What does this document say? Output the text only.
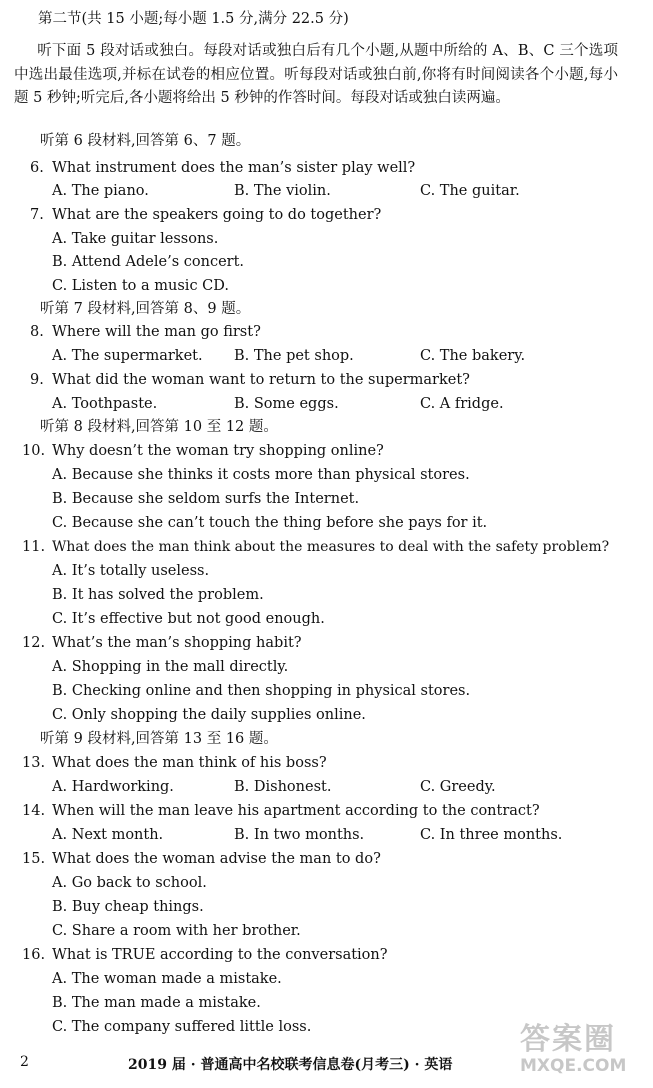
第二节(共 15 小题;每小题 1.5 分,满分 22.5 分)
听下面 5 段对话或独白。每段对话或独白后有几个小题,从题中所给的 A、B、C 三个选项中选出最佳选项,并标在试卷的相应位置。听每段对话或独白前,你将有时间阅读各个小题,每小题 5 秒钟;听完后,各小题将给出 5 秒钟的作答时间。每段对话或独白读两遍。
听第 6 段材料,回答第 6、7 题。
6. What instrument does the man’s sister play well?
A. The piano.	B. The violin.	C. The guitar.
7. What are the speakers going to do together?
A. Take guitar lessons.
B. Attend Adele’s concert.
C. Listen to a music CD.
听第 7 段材料,回答第 8、9 题。
8. Where will the man go first?
A. The supermarket. B. The pet shop.	C. The bakery.
9. What did the woman want to return to the supermarket?
A. Toothpaste.	B. Some eggs.	C. A fridge.
听第 8 段材料,回答第 10 至 12 题。
10. Why doesn’t the woman try shopping online?
A. Because she thinks it costs more than physical stores.
B. Because she seldom surfs the Internet.
C. Because she can’t touch the thing before she pays for it.
11. What does the man think about the measures to deal with the safety problem?
A. It’s totally useless.
B. It has solved the problem.
C. It’s effective but not good enough.
12. What’s the man’s shopping habit?
A. Shopping in the mall directly.
B. Checking online and then shopping in physical stores.
C. Only shopping the daily supplies online.
听第 9 段材料,回答第 13 至 16 题。
13. What does the man think of his boss?
A. Hardworking.	B. Dishonest.	C. Greedy.
14. When will the man leave his apartment according to the contract?
A. Next month.	B. In two months.	C. In three months.
15. What does the woman advise the man to do?
A. Go back to school.
B. Buy cheap things.
C. Share a room with her brother.
16. What is TRUE according to the conversation?
A. The woman made a mistake.
B. The man made a mistake.
C. The company suffered little loss.
2	2019 届 · 普通高中名校联考信息卷(月考三) · 英语
答案圈
MXQE.COM
